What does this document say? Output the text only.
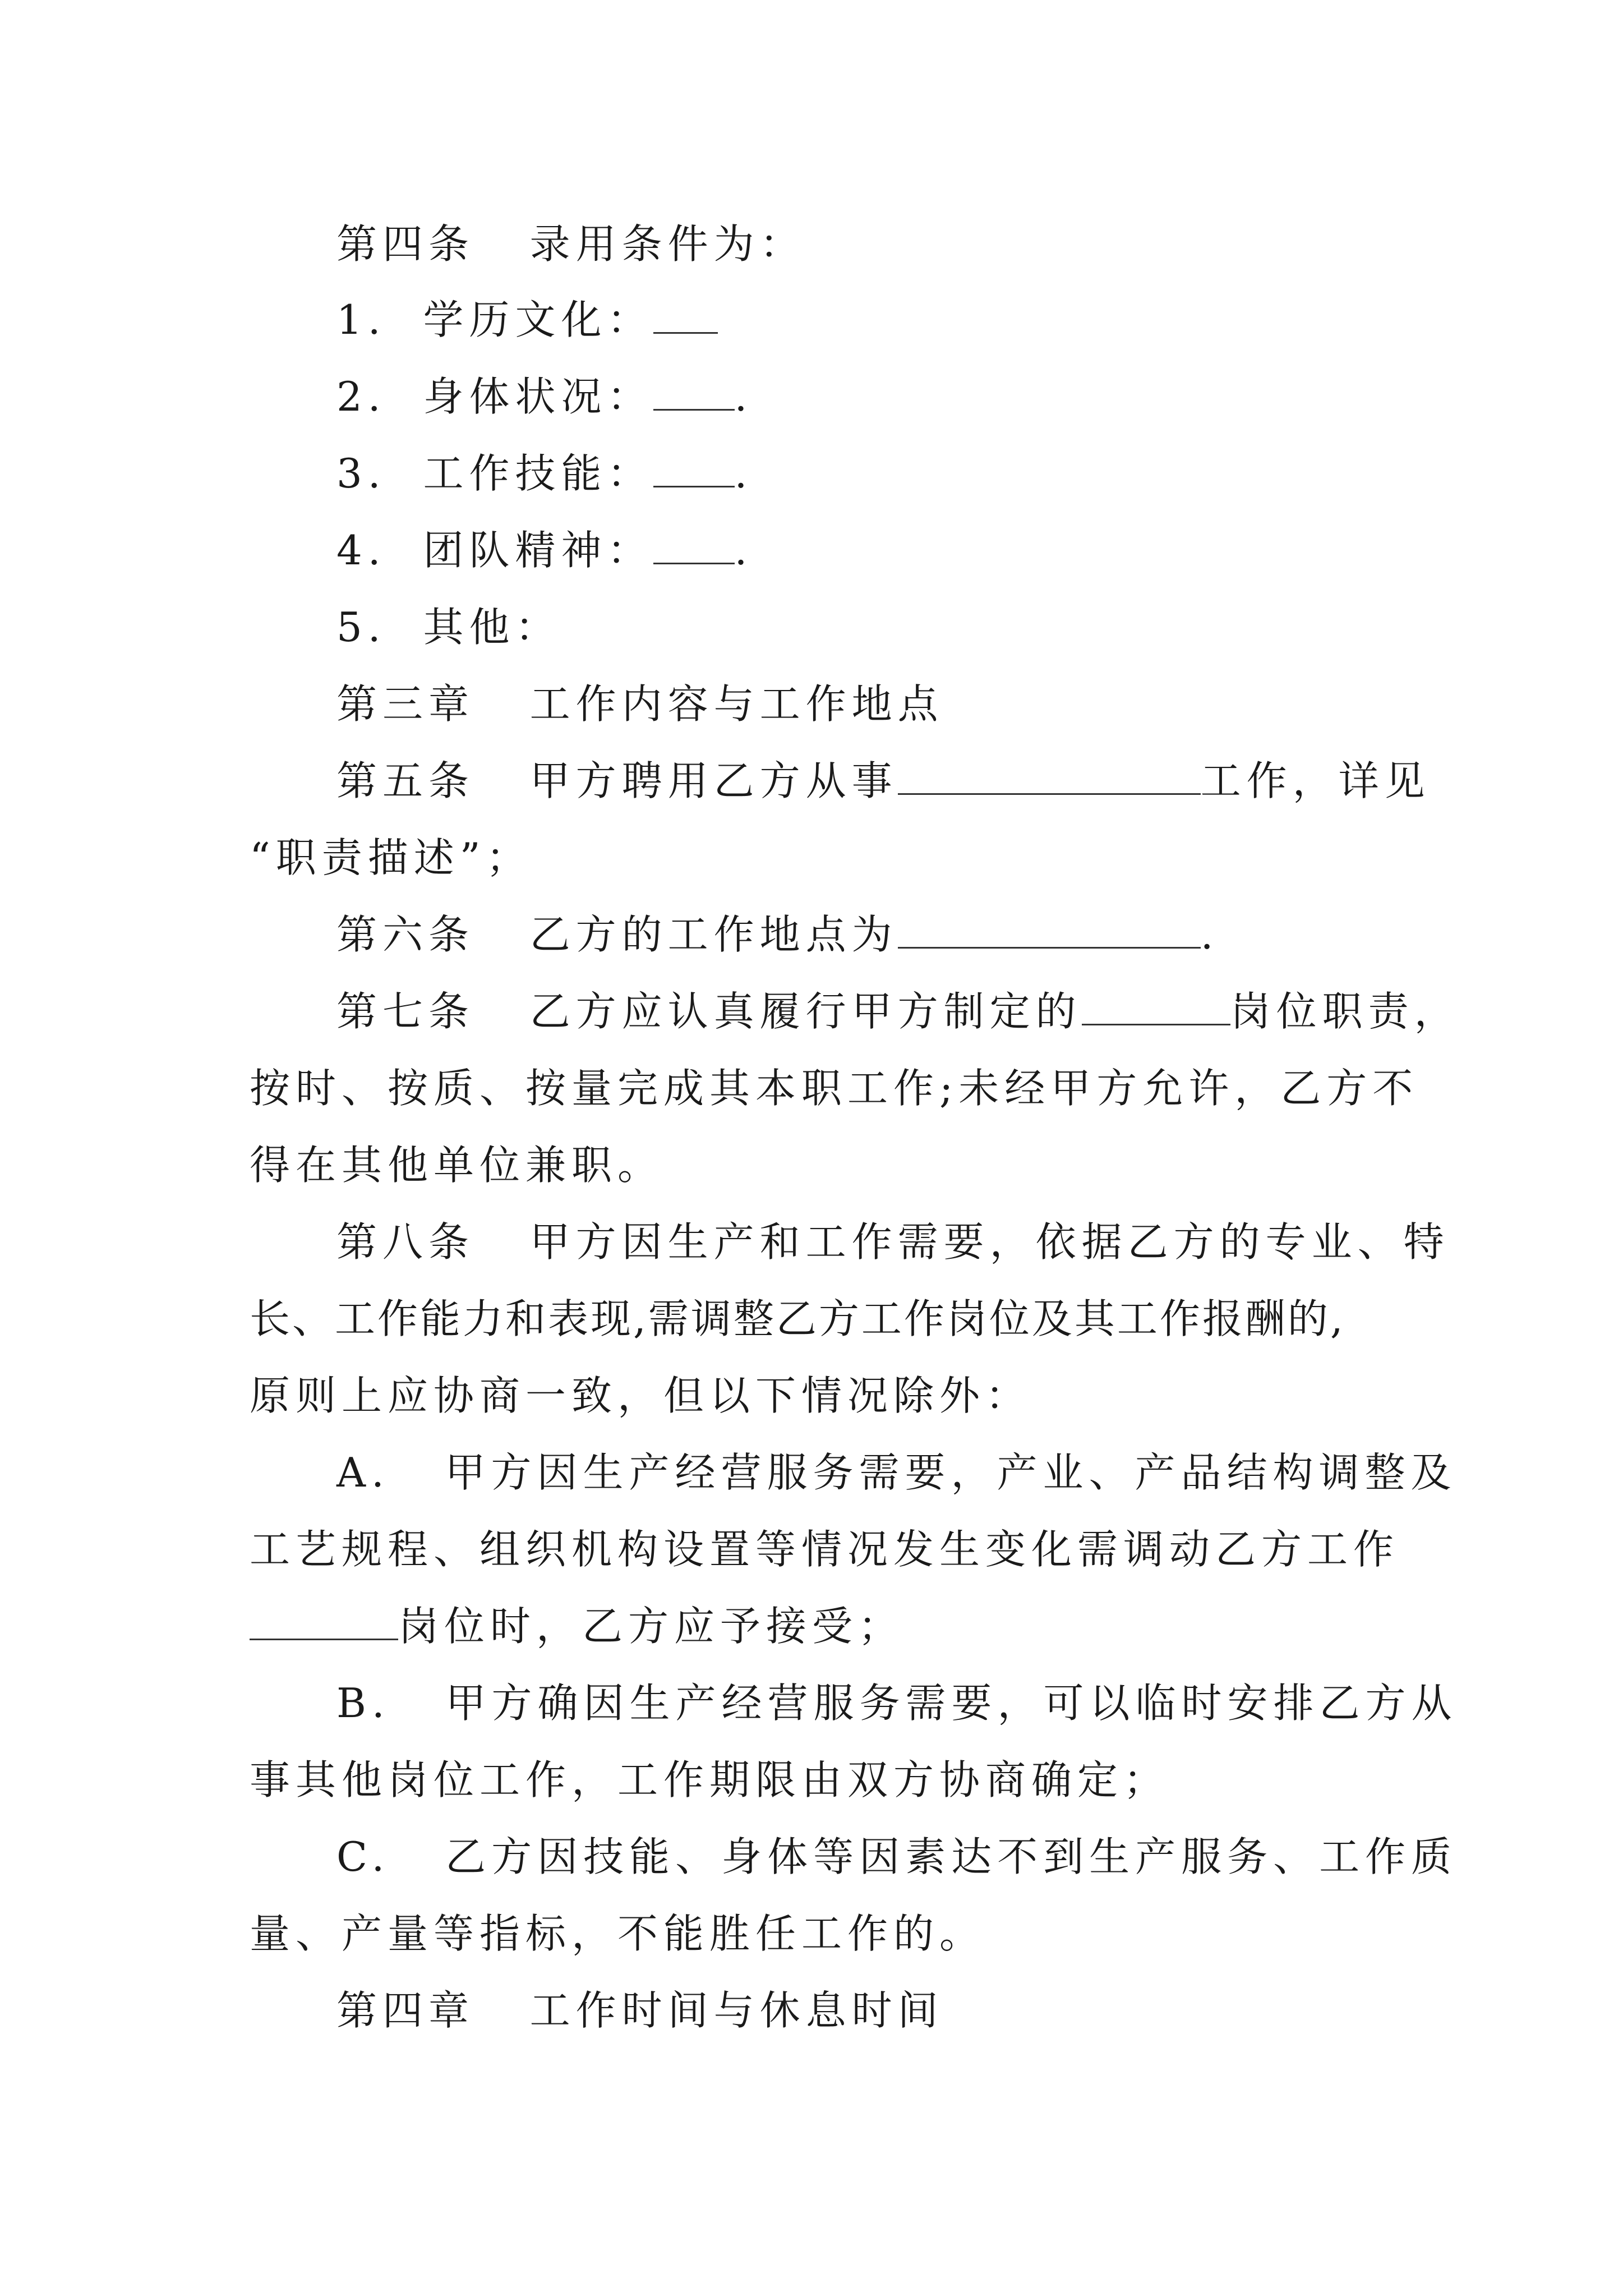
第四条   录用条件为：
1. 学历文化：
2. 身体状况： .
3. 工作技能： .
4. 团队精神： .
5. 其他：
第三章   工作内容与工作地点
第五条   甲方聘用乙方从事	工作，详见
“职责描述”；
第六条   乙方的工作地点为	.
第七条   乙方应认真履行甲方制定的	岗位职责，
按时、按质、按量完成其本职工作;未经甲方允许，乙方不
得在其他单位兼职。
第八条   甲方因生产和工作需要，依据乙方的专业、特
长、工作能力和表现,需调整乙方工作岗位及其工作报酬的,
原则上应协商一致，但以下情况除外：
A.   甲方因生产经营服务需要，产业、产品结构调整及
工艺规程、组织机构设置等情况发生变化需调动乙方工作
岗位时，乙方应予接受；
B.   甲方确因生产经营服务需要，可以临时安排乙方从
事其他岗位工作，工作期限由双方协商确定；
C.   乙方因技能、身体等因素达不到生产服务、工作质
量、产量等指标，不能胜任工作的。
第四章   工作时间与休息时间
